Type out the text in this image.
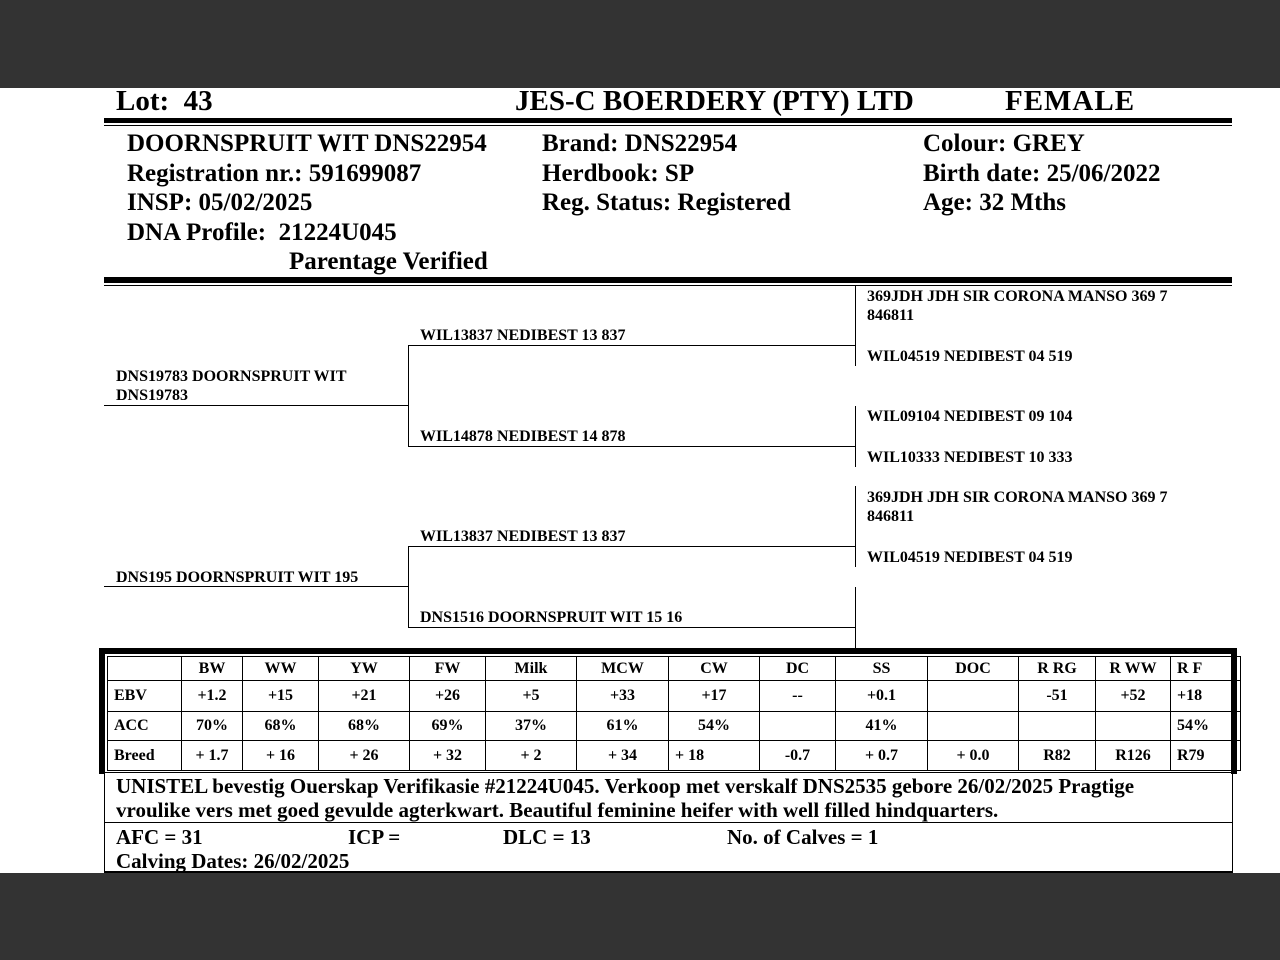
Lot: 43	JES-C BOERDERY (PTY) LTD	FEMALE
DOORNSPRUIT WIT DNS22954
Registration nr.: 591699087
INSP: 05/02/2025
DNA Profile: 21224U045
Parentage Verified
Brand: DNS22954
Herdbook: SP
Reg. Status: Registered
Colour: GREY
Birth date: 25/06/2022
Age: 32 Mths
DNS19783 DOORNSPRUIT WIT DNS19783
DNS195 DOORNSPRUIT WIT 195
WIL13837 NEDIBEST 13 837
WIL14878 NEDIBEST 14 878
WIL13837 NEDIBEST 13 837
DNS1516 DOORNSPRUIT WIT 15 16
369JDH JDH SIR CORONA MANSO 369 7 846811
WIL04519 NEDIBEST 04 519
WIL09104 NEDIBEST 09 104
WIL10333 NEDIBEST 10 333
369JDH JDH SIR CORONA MANSO 369 7 846811
WIL04519 NEDIBEST 04 519
	BW	WW	YW	FW	Milk	MCW	CW	DC	SS	DOC	R RG	R WW	R F
EBV	+1.2	+15	+21	+26	+5	+33	+17	--	+0.1		-51	+52	+18
ACC	70%	68%	68%	69%	37%	61%	54%		41%				54%
Breed	+ 1.7	+ 16	+ 26	+ 32	+ 2	+ 34	+ 18	-0.7	+ 0.7	+ 0.0	R82	R126	R79
UNISTEL bevestig Ouerskap Verifikasie #21224U045. Verkoop met verskalf DNS2535 gebore 26/02/2025 Pragtige
vroulike vers met goed gevulde agterkwart. Beautiful feminine heifer with well filled hindquarters.
AFC = 31	ICP =	DLC = 13	No. of Calves = 1
Calving Dates: 26/02/2025
